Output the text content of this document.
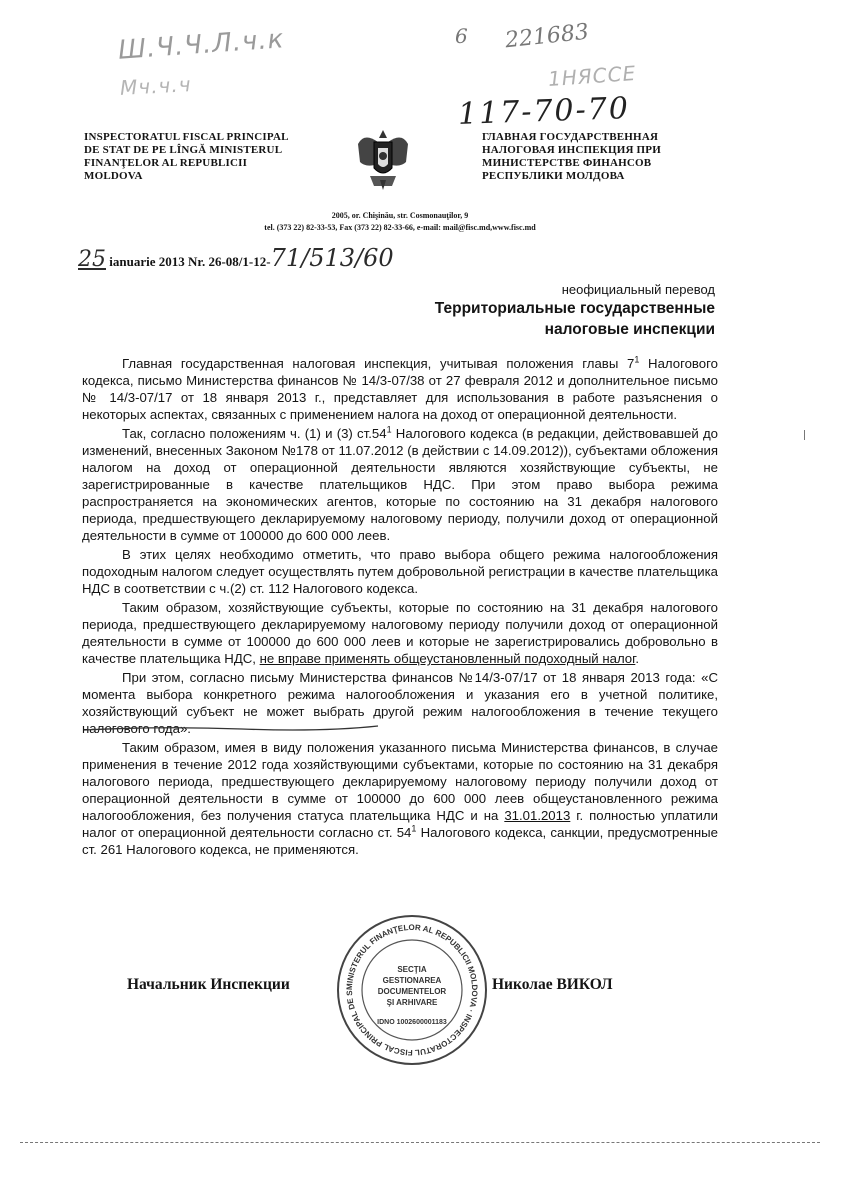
Ш.Ч.Ч.Л.ч.к
Мч.ч.ч
6 221683
1НЯССЕ
117-70-70
INSPECTORATUL FISCAL PRINCIPAL
DE STAT DE PE LÎNGĂ MINISTERUL
FINANŢELOR AL REPUBLICII
MOLDOVA
ГЛАВНАЯ ГОСУДАРСТВЕННАЯ
НАЛОГОВАЯ ИНСПЕКЦИЯ ПРИ
МИНИСТЕРСТВЕ ФИНАНСОВ
РЕСПУБЛИКИ МОЛДОВА
2005, or. Chişinău, str. Cosmonauţilor, 9
tel. (373 22) 82-33-53, Fax (373 22) 82-33-66, e-mail: mail@fisc.md,www.fisc.md
25 ianuarie 2013 Nr. 26-08/1-12-71/513/60
неофициальный перевод
Территориальные государственные
налоговые инспекции

Главная государственная налоговая инспекция, учитывая положения главы $7^1$ Налогового кодекса, письмо Министерства финансов № 14/3-07/38 от 27 февраля 2012 и дополнительное письмо № 14/3-07/17 от 18 января 2013 г., представляет для использования в работе разъяснения о некоторых аспектах, связанных с применением налога на доход от операционной деятельности.

Так, согласно положениям ч. (1) и (3) $ст.54^1$ Налогового кодекса (в редакции, действовавшей до изменений, внесенных Законом №178 от 11.07.2012 (в действии с 14.09.2012)), субъектами обложения налогом на доход от операционной деятельности являются хозяйствующие субъекты, не зарегистрированные в качестве плательщиков НДС. При этом право выбора режима распространяется на экономических агентов, которые по состоянию на 31 декабря налогового периода, предшествующего декларируемому налоговому периоду, получили доход от операционной деятельности в сумме от 100000 до 600 000 леев.

В этих целях необходимо отметить, что право выбора общего режима налогообложения подоходным налогом следует осуществлять путем добровольной регистрации в качестве плательщика НДС в соответствии с ч.(2) ст. 112 Налогового кодекса.

Таким образом, хозяйствующие субъекты, которые по состоянию на 31 декабря налогового периода, предшествующего декларируемому налоговому периоду получили доход от операционной деятельности в сумме от 100000 до 600 000 леев и которые не зарегистрировались добровольно в качестве плательщика НДС, не вправе применять общеустановленный подоходный налог.

При этом, согласно письму Министерства финансов №14/3-07/17 от 18 января 2013 года: «С момента выбора конкретного режима налогообложения и указания его в учетной политике, хозяйствующий субъект не может выбрать другой режим налогообложения в течение текущего налогового года».

Таким образом, имея в виду положения указанного письма Министерства финансов, в случае применения в течение 2012 года хозяйствующими субъектами, которые по состоянию на 31 декабря налогового периода, предшествующего декларируемому налоговому периоду получили доход от операционной деятельности в сумме от 100000 до 600 000 леев общеустановленного режима налогообложения, без получения статуса плательщика НДС и на 31.01.2013 г. полностью уплатили налог от операционной деятельности согласно ст. $54^1$ Налогового кодекса, санкции, предусмотренные ст. 261 Налогового кодекса, не применяются.

Начальник Инспекции	Николае ВИКОЛ
MINISTERUL FINANŢELOR AL REPUBLICII MOLDOVA · INSPECTORATUL FISCAL PRINCIPAL DE S
SECŢIA
GESTIONAREA
DOCUMENTELOR
ŞI ARHIVARE
IDNO 1002600001183
